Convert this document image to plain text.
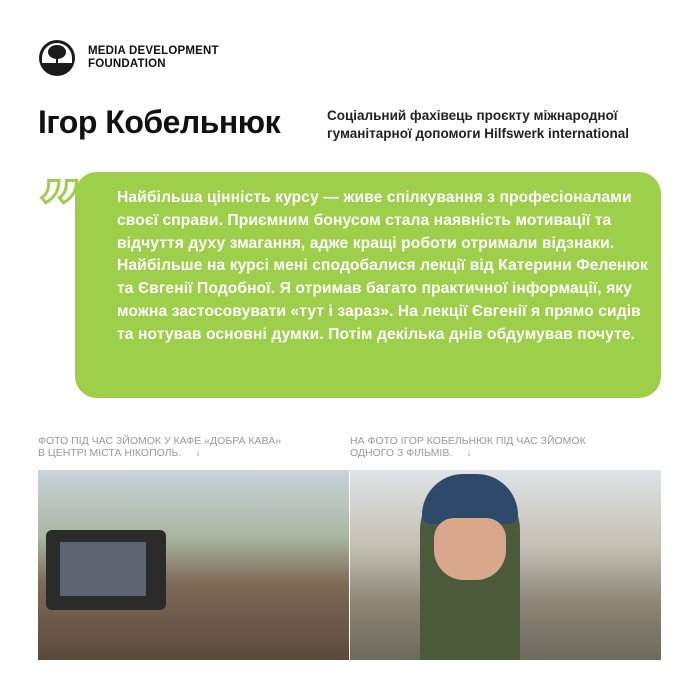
MEDIA DEVELOPMENT
FOUNDATION
Ігор Кобельнюк	Соціальний фахівець проєкту міжнародної
гуманітарної допомоги Hilfswerk international
”	Найбільша цінність курсу — живе спілкування з професіоналами своєї справи. Приємним бонусом стала наявність мотивації та відчуття духу змагання, адже кращі роботи отримали відзнаки. Найбільше на курсі мені сподобалися лекції від Катерини Феленюк та Євгенії Подобної. Я отримав багато практичної інформації, яку можна застосовувати «тут і зараз». На лекції Євгенії я прямо сидів та нотував основні думки. Потім декілька днів обдумував почуте.
ФОТО ПІД ЧАС ЗЙОМОК У КАФЕ «ДОБРА КАВА»
В ЦЕНТРІ МІСТА НІКОПОЛЬ. ↓
НА ФОТО ІГОР КОБЕЛЬНЮК ПІД ЧАС ЗЙОМОК
ОДНОГО З ФІЛЬМІВ. ↓
